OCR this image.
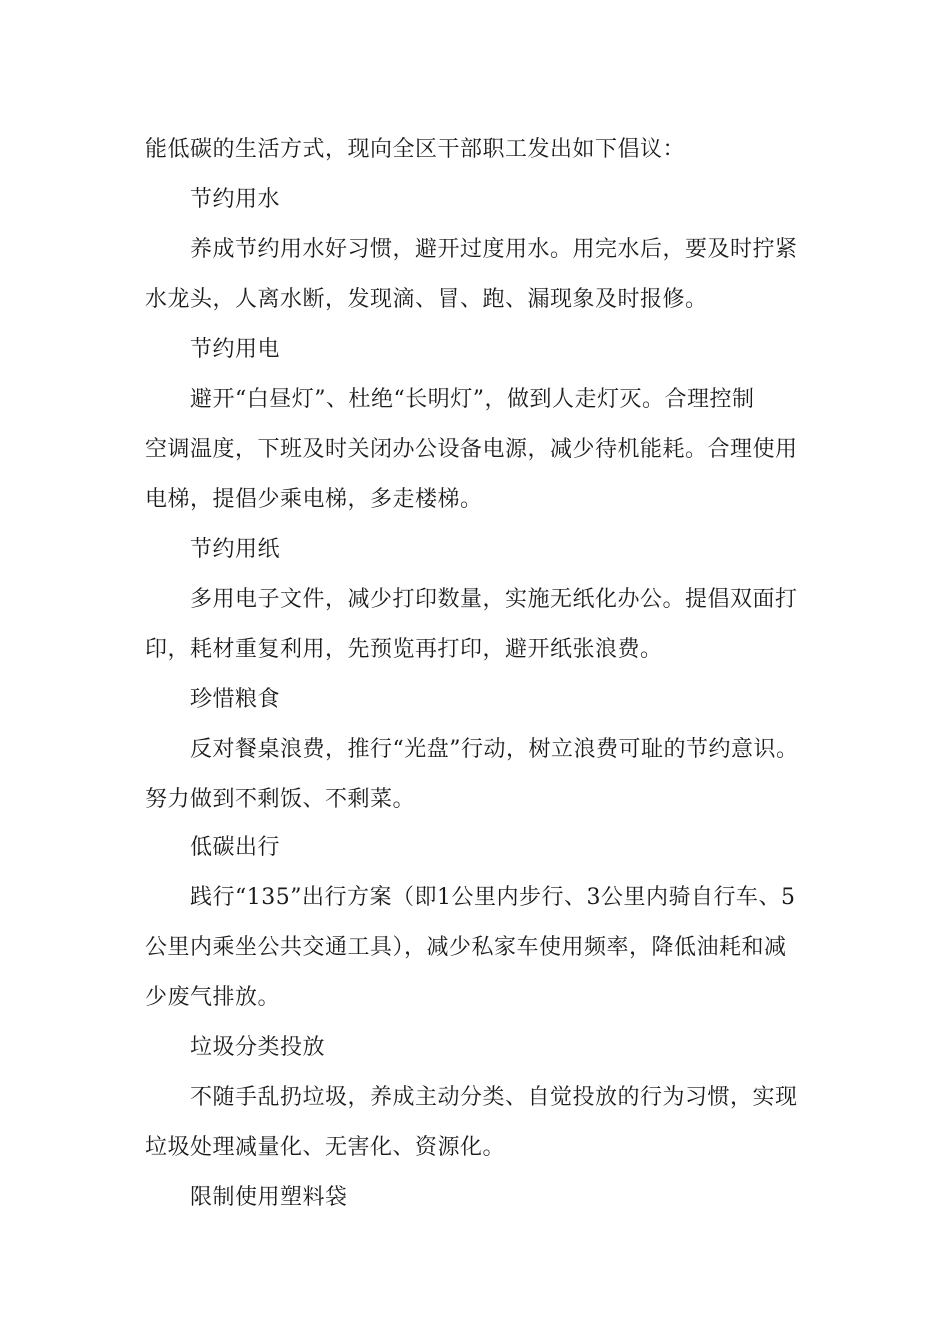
能低碳的生活方式，现向全区干部职工发出如下倡议：
节约用水
养成节约用水好习惯，避开过度用水。用完水后，要及时拧紧
水龙头，人离水断，发现滴、冒、跑、漏现象及时报修。
节约用电
避开“白昼灯”、杜绝“长明灯”，做到人走灯灭。合理控制
空调温度，下班及时关闭办公设备电源，减少待机能耗。合理使用
电梯，提倡少乘电梯，多走楼梯。
节约用纸
多用电子文件，减少打印数量，实施无纸化办公。提倡双面打
印，耗材重复利用，先预览再打印，避开纸张浪费。
珍惜粮食
反对餐桌浪费，推行“光盘”行动，树立浪费可耻的节约意识。
努力做到不剩饭、不剩菜。
低碳出行
践行“135”出行方案（即1公里内步行、3公里内骑自行车、5
公里内乘坐公共交通工具），减少私家车使用频率，降低油耗和减
少废气排放。
垃圾分类投放
不随手乱扔垃圾，养成主动分类、自觉投放的行为习惯，实现
垃圾处理减量化、无害化、资源化。
限制使用塑料袋
